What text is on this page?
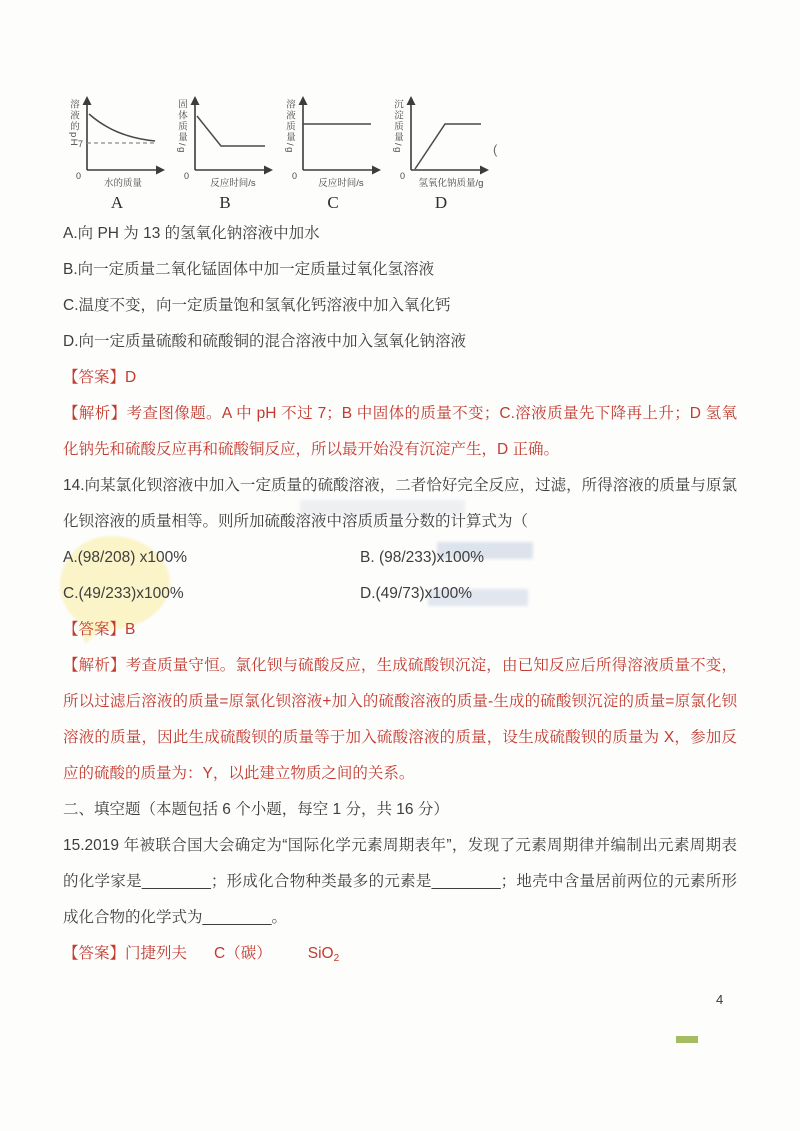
7
0
水的质量
溶液的pH
A
0
反应时间/s
固体质量/g
B
0
反应时间/s
溶液质量/g
C
0
氢氧化钠质量/g
沉淀质量/g
D
(

A.向 PH 为 13 的氢氧化钠溶液中加水

B.向一定质量二氧化锰固体中加一定质量过氧化氢溶液

C.温度不变，向一定质量饱和氢氧化钙溶液中加入氧化钙

D.向一定质量硫酸和硫酸铜的混合溶液中加入氢氧化钠溶液

【答案】D

【解析】考查图像题。A 中 pH 不过 7；B 中固体的质量不变；C.溶液质量先下降再上升；D 氢氧化钠先和硫酸反应再和硫酸铜反应，所以最开始没有沉淀产生，D 正确。

14.向某氯化钡溶液中加入一定质量的硫酸溶液，二者恰好完全反应，过滤，所得溶液的质量与原氯化钡溶液的质量相等。则所加硫酸溶液中溶质质量分数的计算式为（

A.(98/208) x100%	B. (98/233)x100%

C.(49/233)x100%	D.(49/73)x100%

【答案】B

【解析】考查质量守恒。氯化钡与硫酸反应，生成硫酸钡沉淀，由已知反应后所得溶液质量不变，所以过滤后溶液的质量=原氯化钡溶液+加入的硫酸溶液的质量-生成的硫酸钡沉淀的质量=原氯化钡溶液的质量，因此生成硫酸钡的质量等于加入硫酸溶液的质量，设生成硫酸钡的质量为 X，参加反应的硫酸的质量为：Y，以此建立物质之间的关系。

二、填空题（本题包括 6 个小题，每空 1 分，共 16 分）

15.2019 年被联合国大会确定为“国际化学元素周期表年”，发现了元素周期律并编制出元素周期表的化学家是________；形成化合物种类最多的元素是________；地壳中含量居前两位的元素所形成化合物的化学式为________。

【答案】 门捷列夫 C（碳） SiO$_2$

4
